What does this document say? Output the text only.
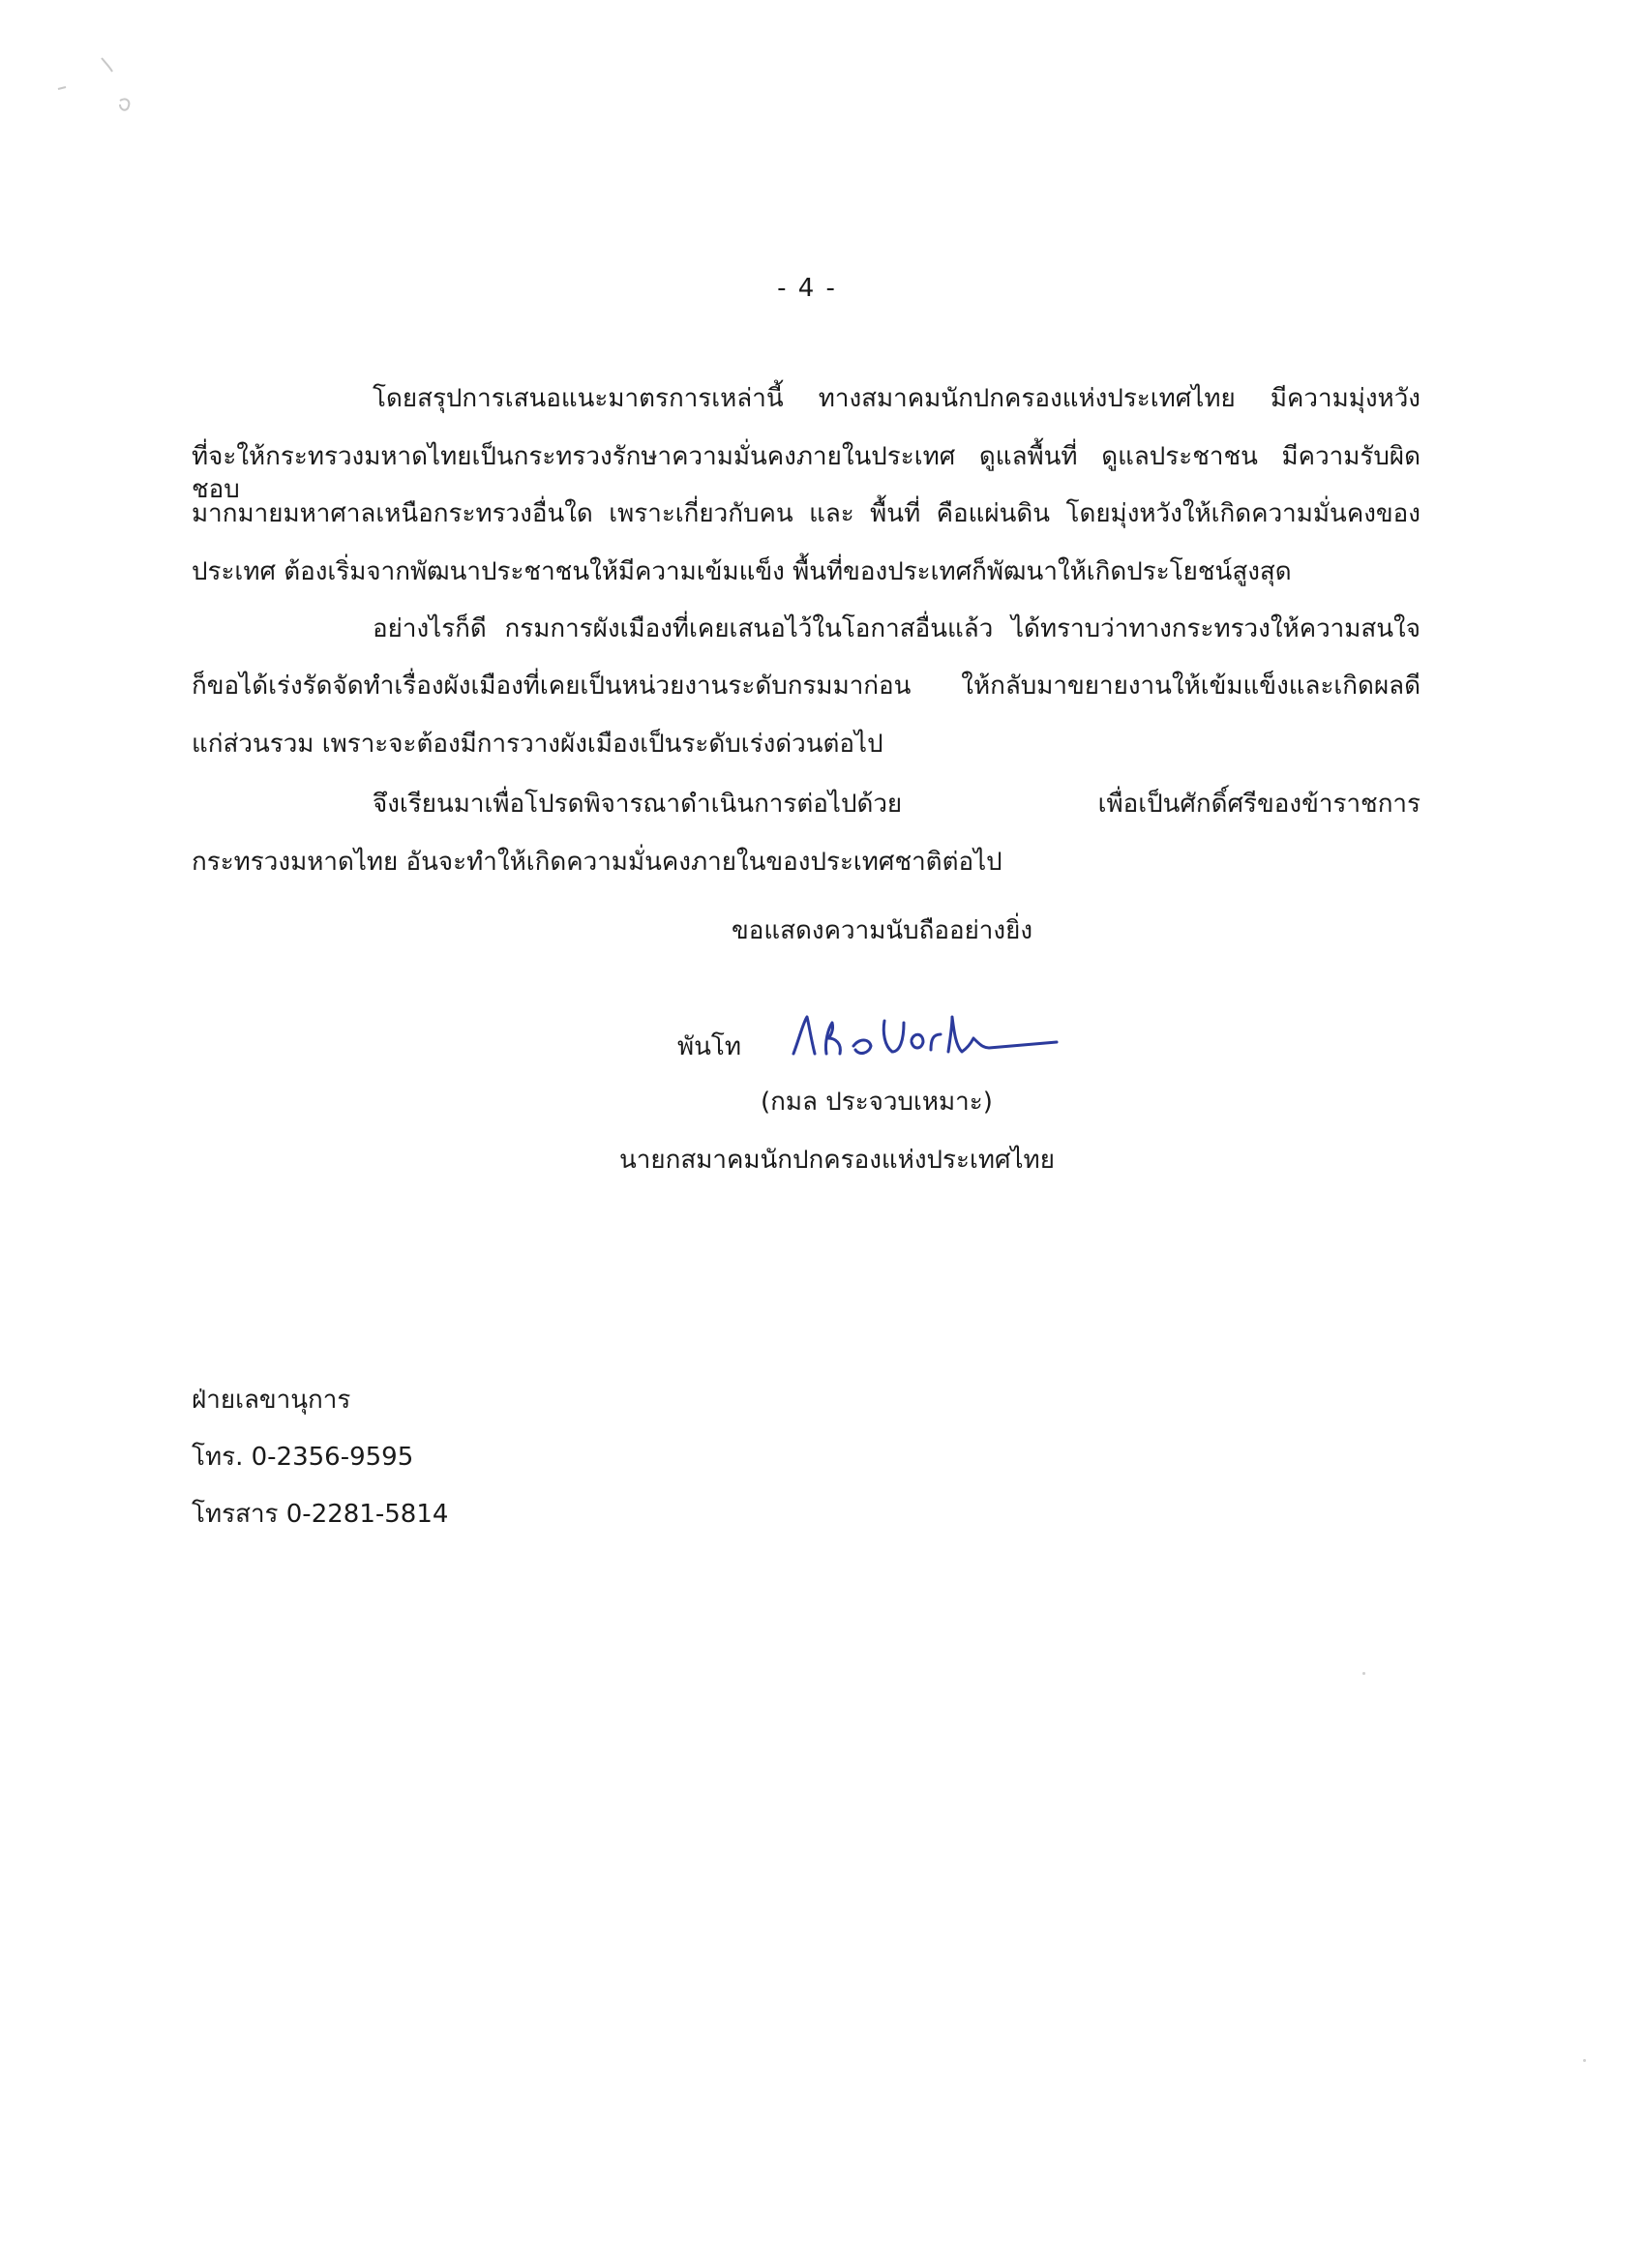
- 4 -
โดยสรุปการเสนอแนะมาตรการเหล่านี้ ทางสมาคมนักปกครองแห่งประเทศไทย มีความมุ่งหวัง
ที่จะให้กระทรวงมหาดไทยเป็นกระทรวงรักษาความมั่นคงภายในประเทศ ดูแลพื้นที่ ดูแลประชาชน มีความรับผิดชอบ
มากมายมหาศาลเหนือกระทรวงอื่นใด เพราะเกี่ยวกับคน และ พื้นที่ คือแผ่นดิน โดยมุ่งหวังให้เกิดความมั่นคงของ
ประเทศ ต้องเริ่มจากพัฒนาประชาชนให้มีความเข้มแข็ง พื้นที่ของประเทศก็พัฒนาให้เกิดประโยชน์สูงสุด
อย่างไรก็ดี กรมการผังเมืองที่เคยเสนอไว้ในโอกาสอื่นแล้ว ได้ทราบว่าทางกระทรวงให้ความสนใจ
ก็ขอได้เร่งรัดจัดทำเรื่องผังเมืองที่เคยเป็นหน่วยงานระดับกรมมาก่อน ให้กลับมาขยายงานให้เข้มแข็งและเกิดผลดี
แก่ส่วนรวม เพราะจะต้องมีการวางผังเมืองเป็นระดับเร่งด่วนต่อไป
จึงเรียนมาเพื่อโปรดพิจารณาดำเนินการต่อไปด้วย เพื่อเป็นศักดิ์ศรีของข้าราชการ
กระทรวงมหาดไทย อันจะทำให้เกิดความมั่นคงภายในของประเทศชาติต่อไป
ขอแสดงความนับถืออย่างยิ่ง
พันโท
(กมล ประจวบเหมาะ)
นายกสมาคมนักปกครองแห่งประเทศไทย
ฝ่ายเลขานุการ
โทร. 0-2356-9595
โทรสาร 0-2281-5814
